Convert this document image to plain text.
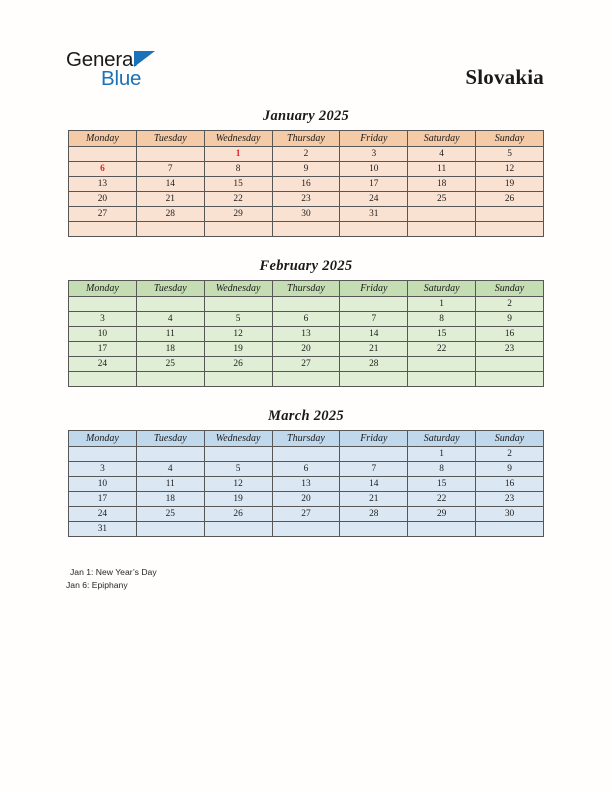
General
Blue	Slovakia
January 2025
Monday	Tuesday	Wednesday	Thursday	Friday	Saturday	Sunday
		1	2	3	4	5
6	7	8	9	10	11	12
13	14	15	16	17	18	19
20	21	22	23	24	25	26
27	28	29	30	31		

February 2025
Monday	Tuesday	Wednesday	Thursday	Friday	Saturday	Sunday
					1	2
3	4	5	6	7	8	9
10	11	12	13	14	15	16
17	18	19	20	21	22	23
24	25	26	27	28		

March 2025
Monday	Tuesday	Wednesday	Thursday	Friday	Saturday	Sunday
					1	2
3	4	5	6	7	8	9
10	11	12	13	14	15	16
17	18	19	20	21	22	23
24	25	26	27	28	29	30
31						
Jan 1: New Year’s Day
Jan 6: Epiphany
